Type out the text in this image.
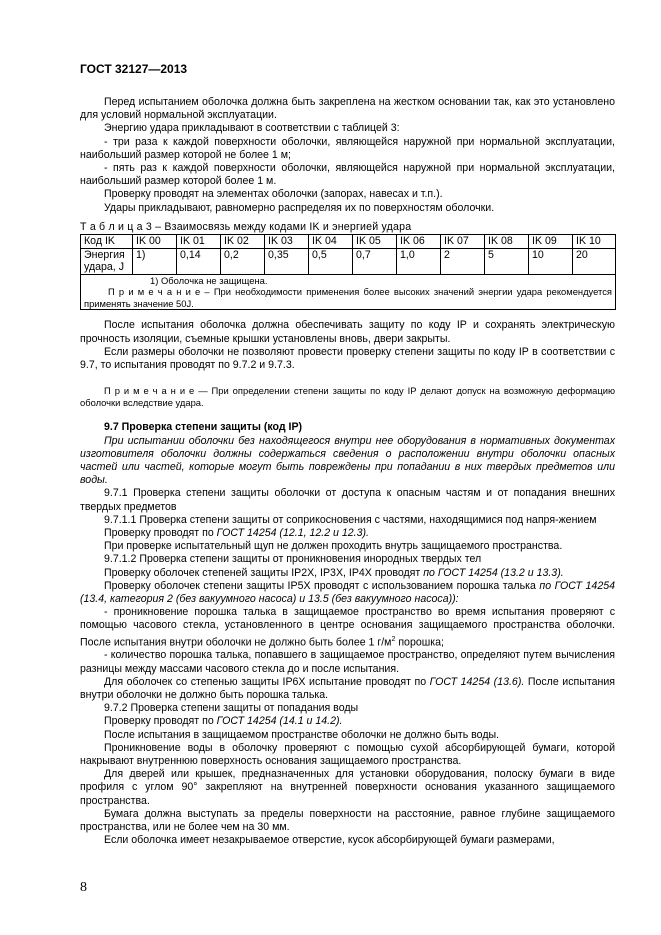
ГОСТ 32127—2013

Перед испытанием оболочка должна быть закреплена на жестком основании так, как это установлено для условий нормальной эксплуатации.

Энергию удара прикладывают в соответствии с таблицей 3:

- три раза к каждой поверхности оболочки, являющейся наружной при нормальной эксплуатации, наибольший размер которой не более 1 м;

- пять раз к каждой поверхности оболочки, являющейся наружной при нормальной эксплуатации, наибольший размер которой более 1 м.

Проверку проводят на элементах оболочки (запорах, навесах и т.п.).

Удары прикладывают, равномерно распределяя их по поверхностям оболочки.

Т а б л и ц а 3 – Взаимосвязь между кодами IK и энергией удара

Код IK	IK 00	IK 01	IK 02	IK 03	IK 04	IK 05	IK 06	IK 07	IK 08	IK 09	IK 10
Энергия
удара, J	1)	0,14	0,2	0,35	0,5	0,7	1,0	2	5	10	20

1) Оболочка не защищена.
П р и м е ч а н и е – При необходимости применения более высоких значений энергии удара рекомендуется применять значение 50J.											

После испытания оболочка должна обеспечивать защиту по коду IP и сохранять электрическую прочность изоляции, съемные крышки установлены вновь, двери закрыты.

Если размеры оболочки не позволяют провести проверку степени защиты по коду IP в соответствии с 9.7, то испытания проводят по 9.7.2 и 9.7.3.

П р и м е ч а н и е — При определении степени защиты по коду IP делают допуск на возможную деформацию оболочки вследствие удара.

9.7 Проверка степени защиты (код IP)

При испытании оболочки без находящегося внутри нее оборудования в нормативных документах изготовителя оболочки должны содержаться сведения о расположении внутри оболочки опасных частей или частей, которые могут быть повреждены при попадании в них твердых предметов или воды.

9.7.1 Проверка степени защиты оболочки от доступа к опасным частям и от попадания внешних твердых предметов

9.7.1.1 Проверка степени защиты от соприкосновения с частями, находящимися под напря-жением

Проверку проводят по ГОСТ 14254 (12.1, 12.2 и 12.3).

При проверке испытательный щуп не должен проходить внутрь защищаемого пространства.

9.7.1.2 Проверка степени защиты от проникновения инородных твердых тел

Проверку оболочек степеней защиты IP2X, IP3X, IP4X проводят по ГОСТ 14254 (13.2 и 13.3).

Проверку оболочек степени защиты IP5X проводят с использованием порошка талька по ГОСТ 14254 (13.4, категория 2 (без вакуумного насоса) и 13.5 (без вакуумного насоса)):

- проникновение порошка талька в защищаемое пространство во время испытания проверяют с помощью часового стекла, установленного в центре основания защищаемого пространства оболочки. После испытания внутри оболочки не должно быть более 1 $г/м^2$ порошка;

- количество порошка талька, попавшего в защищаемое пространство, определяют путем вычисления разницы между массами часового стекла до и после испытания.

Для оболочек со степенью защиты IP6X испытание проводят по ГОСТ 14254 (13.6). После испытания внутри оболочки не должно быть порошка талька.

9.7.2 Проверка степени защиты от попадания воды

Проверку проводят по ГОСТ 14254 (14.1 и 14.2).

После испытания в защищаемом пространстве оболочки не должно быть воды.

Проникновение воды в оболочку проверяют с помощью сухой абсорбирующей бумаги, которой накрывают внутреннюю поверхность основания защищаемого пространства.

Для дверей или крышек, предназначенных для установки оборудования, полоску бумаги в виде профиля с углом 90° закрепляют на внутренней поверхности основания указанного защищаемого пространства.

Бумага должна выступать за пределы поверхности на расстояние, равное глубине защищаемого пространства, или не более чем на 30 мм.

Если оболочка имеет незакрываемое отверстие, кусок абсорбирующей бумаги размерами,

8
